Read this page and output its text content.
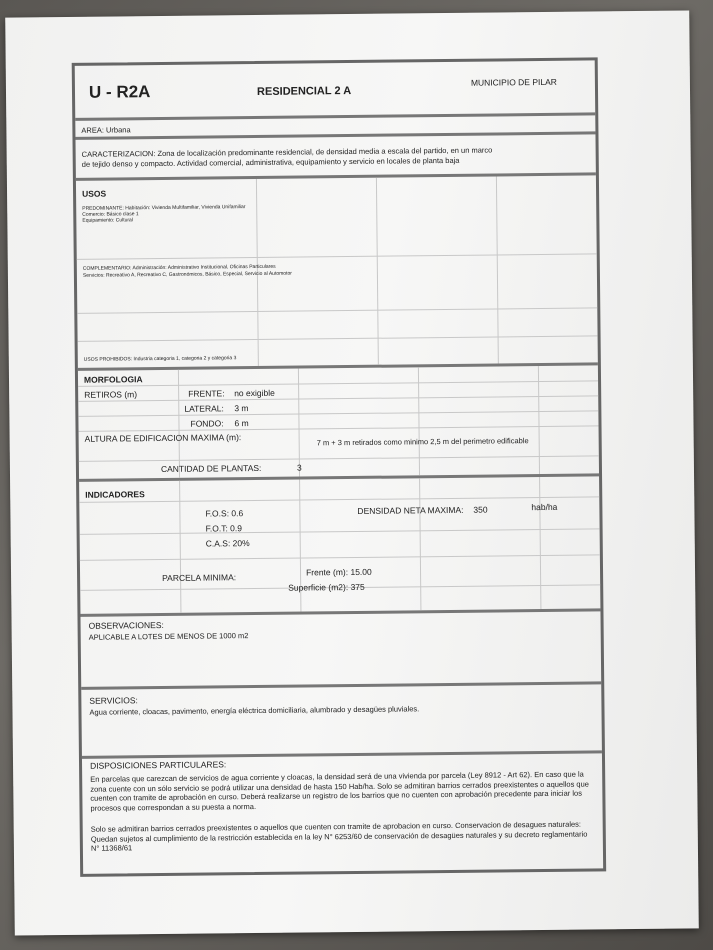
U - R2A	RESIDENCIAL 2 A
MUNICIPIO DE PILAR
AREA: Urbana
CARACTERIZACION: Zona de localización predominante residencial, de densidad media a escala del partido, en un marco
de tejido denso y compacto. Actividad comercial, administrativa, equipamiento y servicio en locales de planta baja
USOS
PREDOMINANTE: Habitación: Vivienda Multifamiliar, Vivienda Unifamiliar
Comercio: Básico clase 1
Equipamiento: Cultural
COMPLEMENTARIO: Administración: Administrativo Institucional, Oficinas Particulares
Servicios: Recreativo A, Recreativo C, Gastronómicos, Básico, Especial, Servicio al Automotor
USOS PROHIBIDOS: Industria categoria 1, categoria 2 y categoria 3
MORFOLOGIA
RETIROS (m)	FRENTE: no exigible
LATERAL: 3 m
FONDO: 6 m
ALTURA DE EDIFICACION MAXIMA (m):	7 m + 3 m retirados como minimo 2,5 m del perimetro edificable
CANTIDAD DE PLANTAS:	3
INDICADORES
F.O.S: 0.6
F.O.T: 0.9
C.A.S: 20%
DENSIDAD NETA MAXIMA: 350	hab/ha
PARCELA MINIMA:
Frente (m): 15.00
Superficie (m2): 375
OBSERVACIONES:
APLICABLE A LOTES DE MENOS DE 1000 m2
SERVICIOS:
Agua corriente, cloacas, pavimento, energía eléctrica domiciliaria, alumbrado y desagües pluviales.
DISPOSICIONES PARTICULARES:
En parcelas que carezcan de servicios de agua corriente y cloacas, la densidad será de una vivienda por parcela (Ley 8912 - Art 62). En caso que la zona cuente con un sólo servicio se podrá utilizar una densidad de hasta 150 Hab/ha. Solo se admitiran barrios cerrados preexistentes o aquellos que cuenten con tramite de aprobación en curso. Deberá realizarse un registro de los barrios que no cuenten con aprobación precedente para iniciar los procesos que correspondan a su puesta a norma.
Solo se admitiran barrios cerrados preexistentes o aquellos que cuenten con tramite de aprobacion en curso. Conservacion de desagues naturales: Quedan sujetos al cumplimiento de la restricción establecida en la ley N° 6253/60 de conservación de desagües naturales y su decreto reglamentario N° 11368/61
